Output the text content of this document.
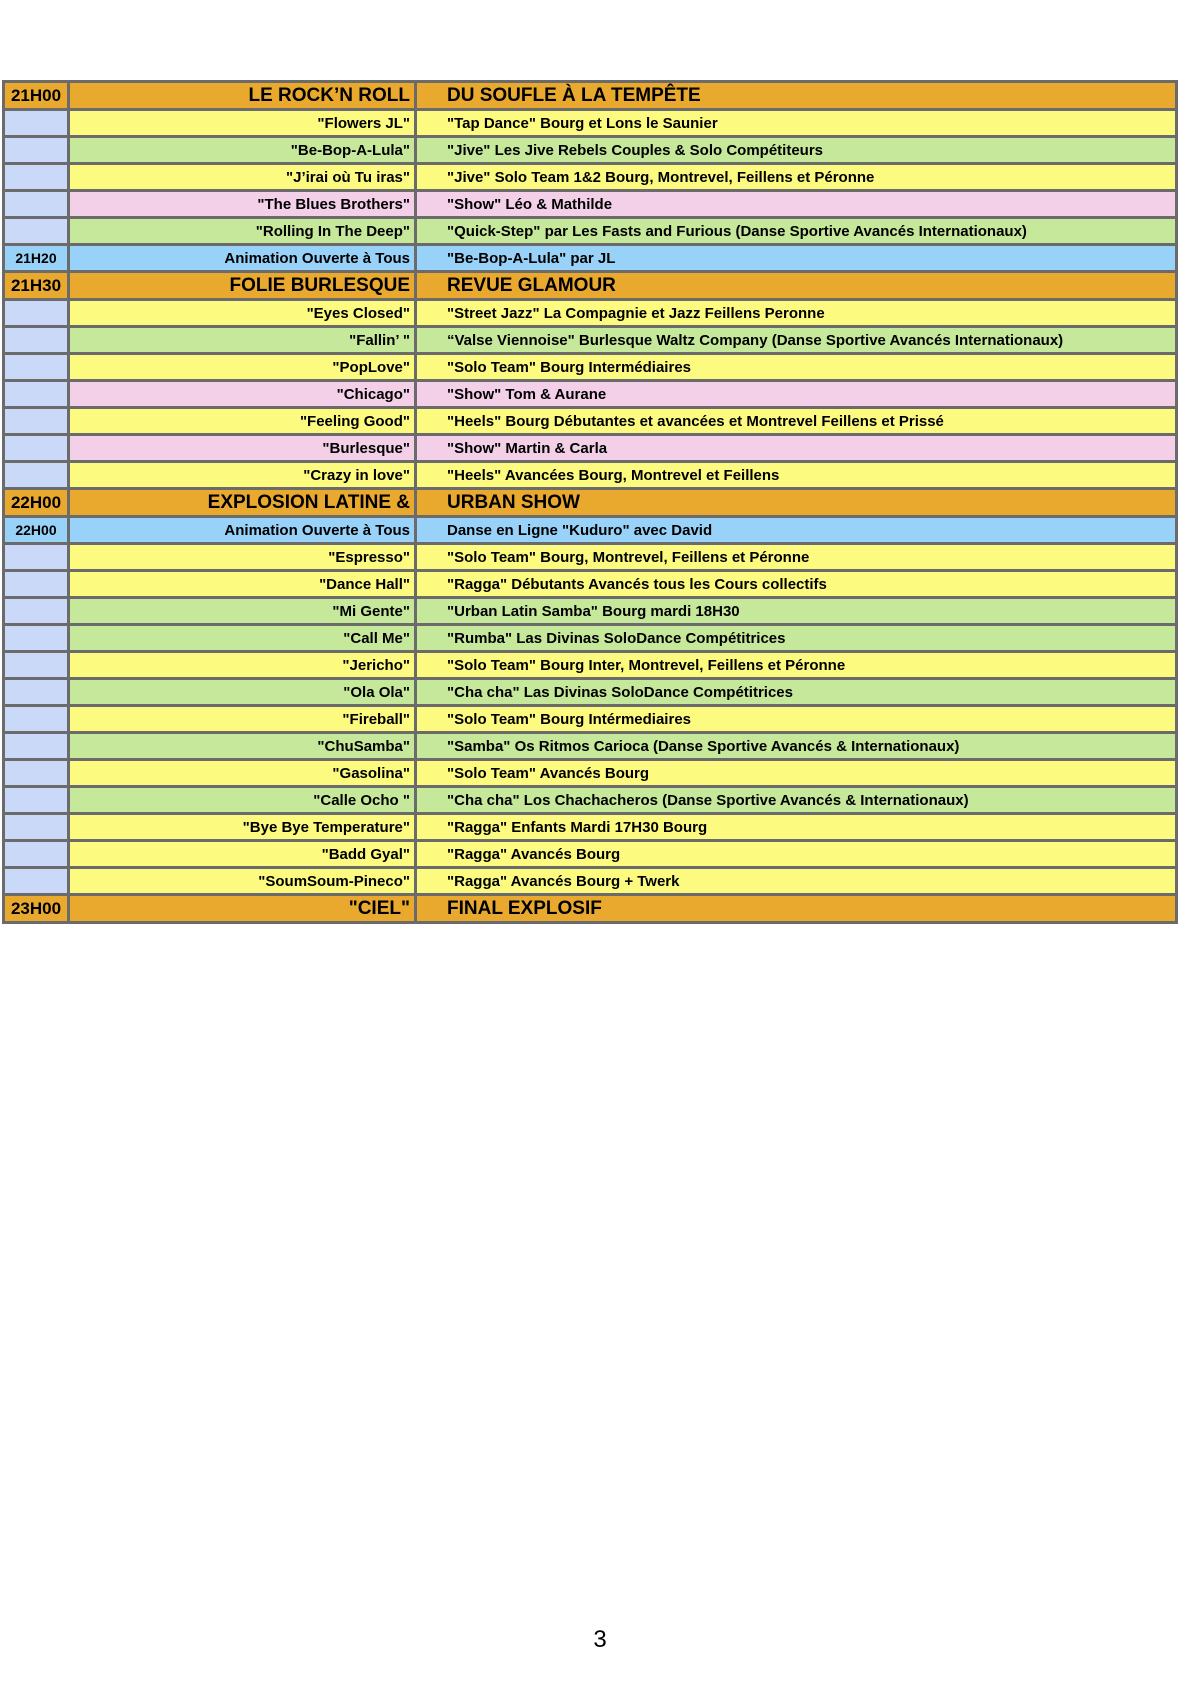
21H00	LE ROCK’N ROLL	DU SOUFLE À LA TEMPÊTE
	"Flowers JL"	"Tap Dance" Bourg et Lons le Saunier
	"Be-Bop-A-Lula"	"Jive" Les Jive Rebels Couples & Solo Compétiteurs
	"J’irai où Tu iras"	"Jive" Solo Team 1&2 Bourg, Montrevel, Feillens et Péronne
	"The Blues Brothers"	"Show" Léo & Mathilde
	"Rolling In The Deep"	"Quick-Step" par Les Fasts and Furious (Danse Sportive Avancés Internationaux)
21H20	Animation Ouverte à Tous	"Be-Bop-A-Lula" par JL
21H30	FOLIE BURLESQUE	REVUE GLAMOUR
	"Eyes Closed"	"Street Jazz" La Compagnie et Jazz Feillens Peronne
	"Fallin’ "	“Valse Viennoise" Burlesque Waltz Company (Danse Sportive Avancés Internationaux)
	"PopLove"	"Solo Team" Bourg Intermédiaires
	"Chicago"	"Show" Tom & Aurane
	"Feeling Good"	"Heels" Bourg Débutantes et avancées et Montrevel Feillens et Prissé
	"Burlesque"	"Show" Martin & Carla
	"Crazy in love"	"Heels" Avancées Bourg, Montrevel et Feillens
22H00	EXPLOSION LATINE &	URBAN SHOW
22H00	Animation Ouverte à Tous	Danse en Ligne "Kuduro" avec David
	"Espresso"	"Solo Team" Bourg, Montrevel, Feillens et Péronne
	"Dance Hall"	"Ragga" Débutants Avancés tous les Cours collectifs
	"Mi Gente"	"Urban Latin Samba" Bourg mardi 18H30
	"Call Me"	"Rumba" Las Divinas SoloDance Compétitrices
	"Jericho"	"Solo Team" Bourg Inter, Montrevel, Feillens et Péronne
	"Ola Ola"	"Cha cha" Las Divinas SoloDance Compétitrices
	"Fireball"	"Solo Team" Bourg Intérmediaires
	"ChuSamba"	"Samba" Os Ritmos Carioca (Danse Sportive Avancés & Internationaux)
	"Gasolina"	"Solo Team" Avancés Bourg
	"Calle Ocho "	"Cha cha" Los Chachacheros (Danse Sportive Avancés & Internationaux)
	"Bye Bye Temperature"	"Ragga" Enfants Mardi 17H30 Bourg
	"Badd Gyal"	"Ragga" Avancés Bourg
	"SoumSoum-Pineco"	"Ragga" Avancés Bourg + Twerk
23H00	"CIEL"	FINAL EXPLOSIF
3
